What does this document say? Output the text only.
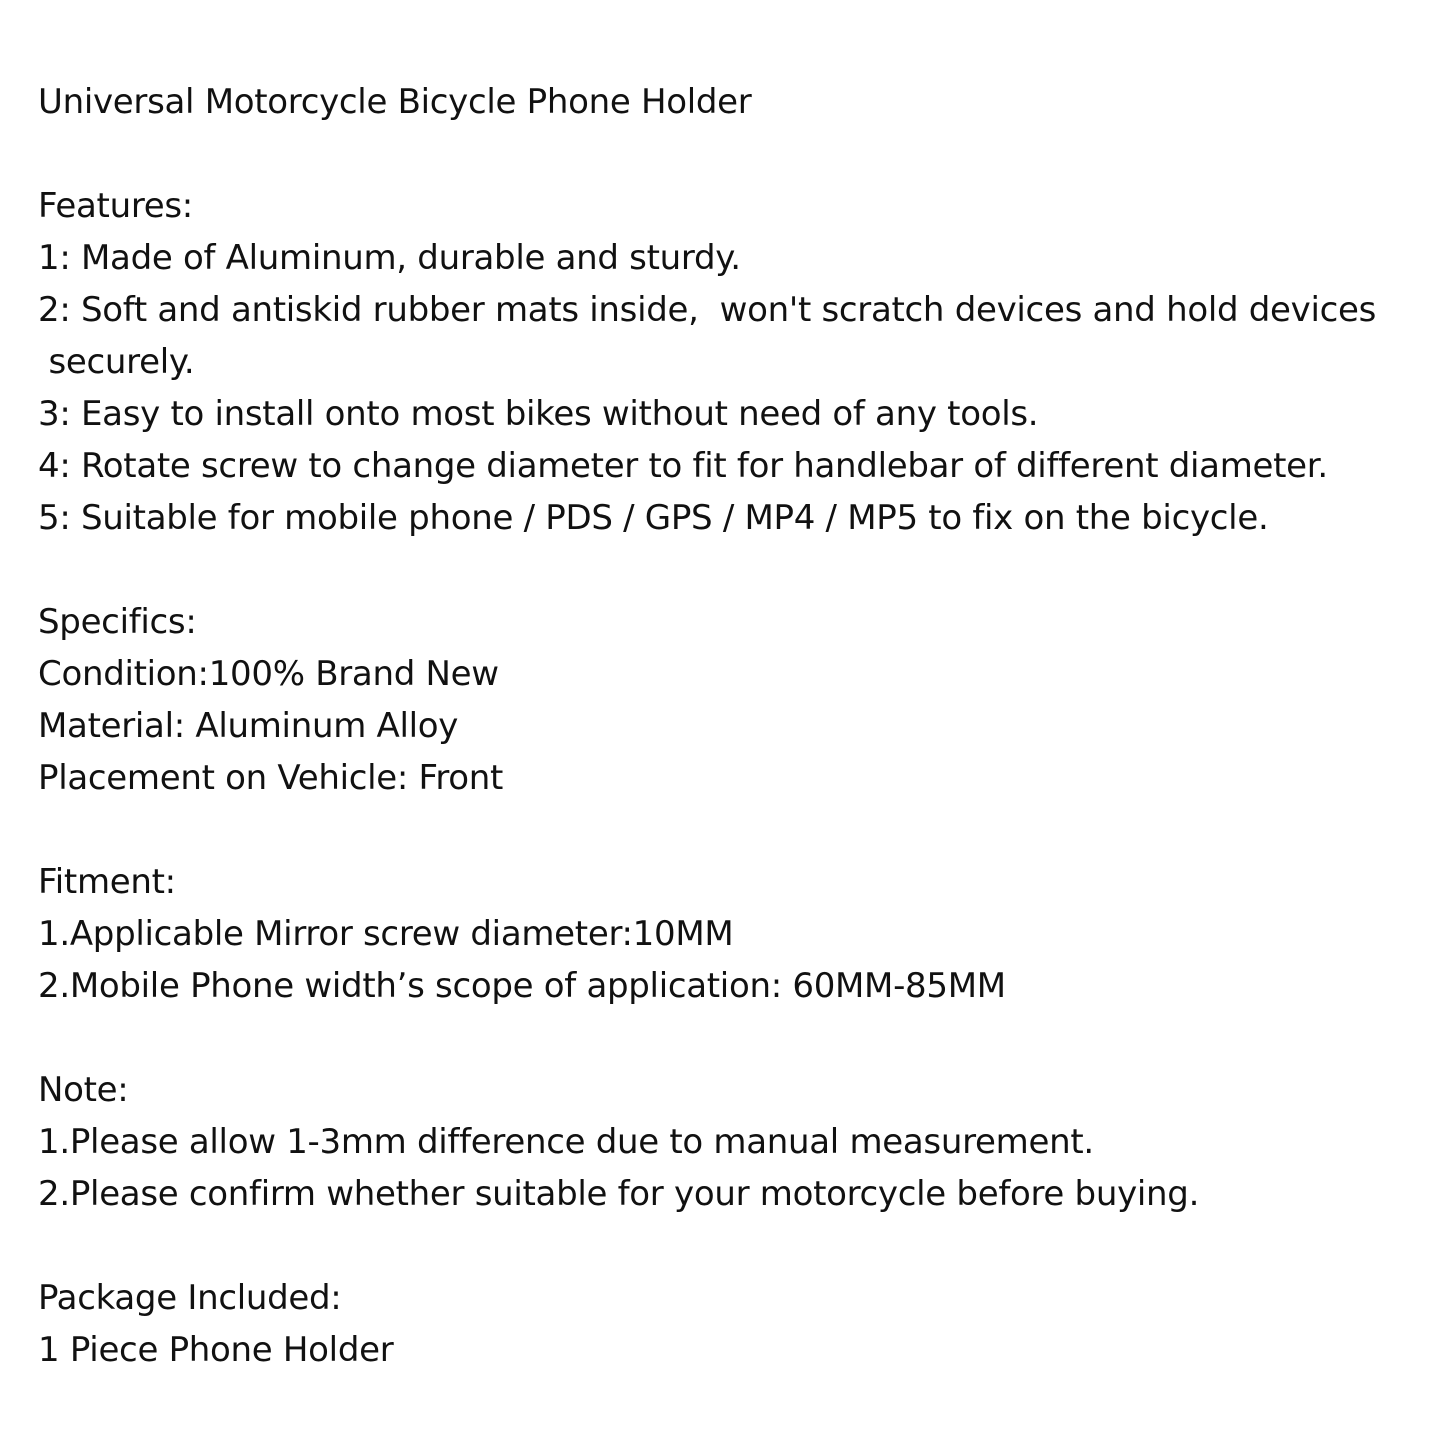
Universal Motorcycle Bicycle Phone Holder
Features:
1: Made of Aluminum, durable and sturdy.
2: Soft and antiskid rubber mats inside,  won't scratch devices and hold devices
securely.
3: Easy to install onto most bikes without need of any tools.
4: Rotate screw to change diameter to fit for handlebar of different diameter.
5: Suitable for mobile phone / PDS / GPS / MP4 / MP5 to fix on the bicycle.
Specifics:
Condition:100% Brand New
Material: Aluminum Alloy
Placement on Vehicle: Front
Fitment:
1.Applicable Mirror screw diameter:10MM
2.Mobile Phone width’s scope of application: 60MM-85MM
Note:
1.Please allow 1-3mm difference due to manual measurement.
2.Please confirm whether suitable for your motorcycle before buying.
Package Included:
1 Piece Phone Holder
